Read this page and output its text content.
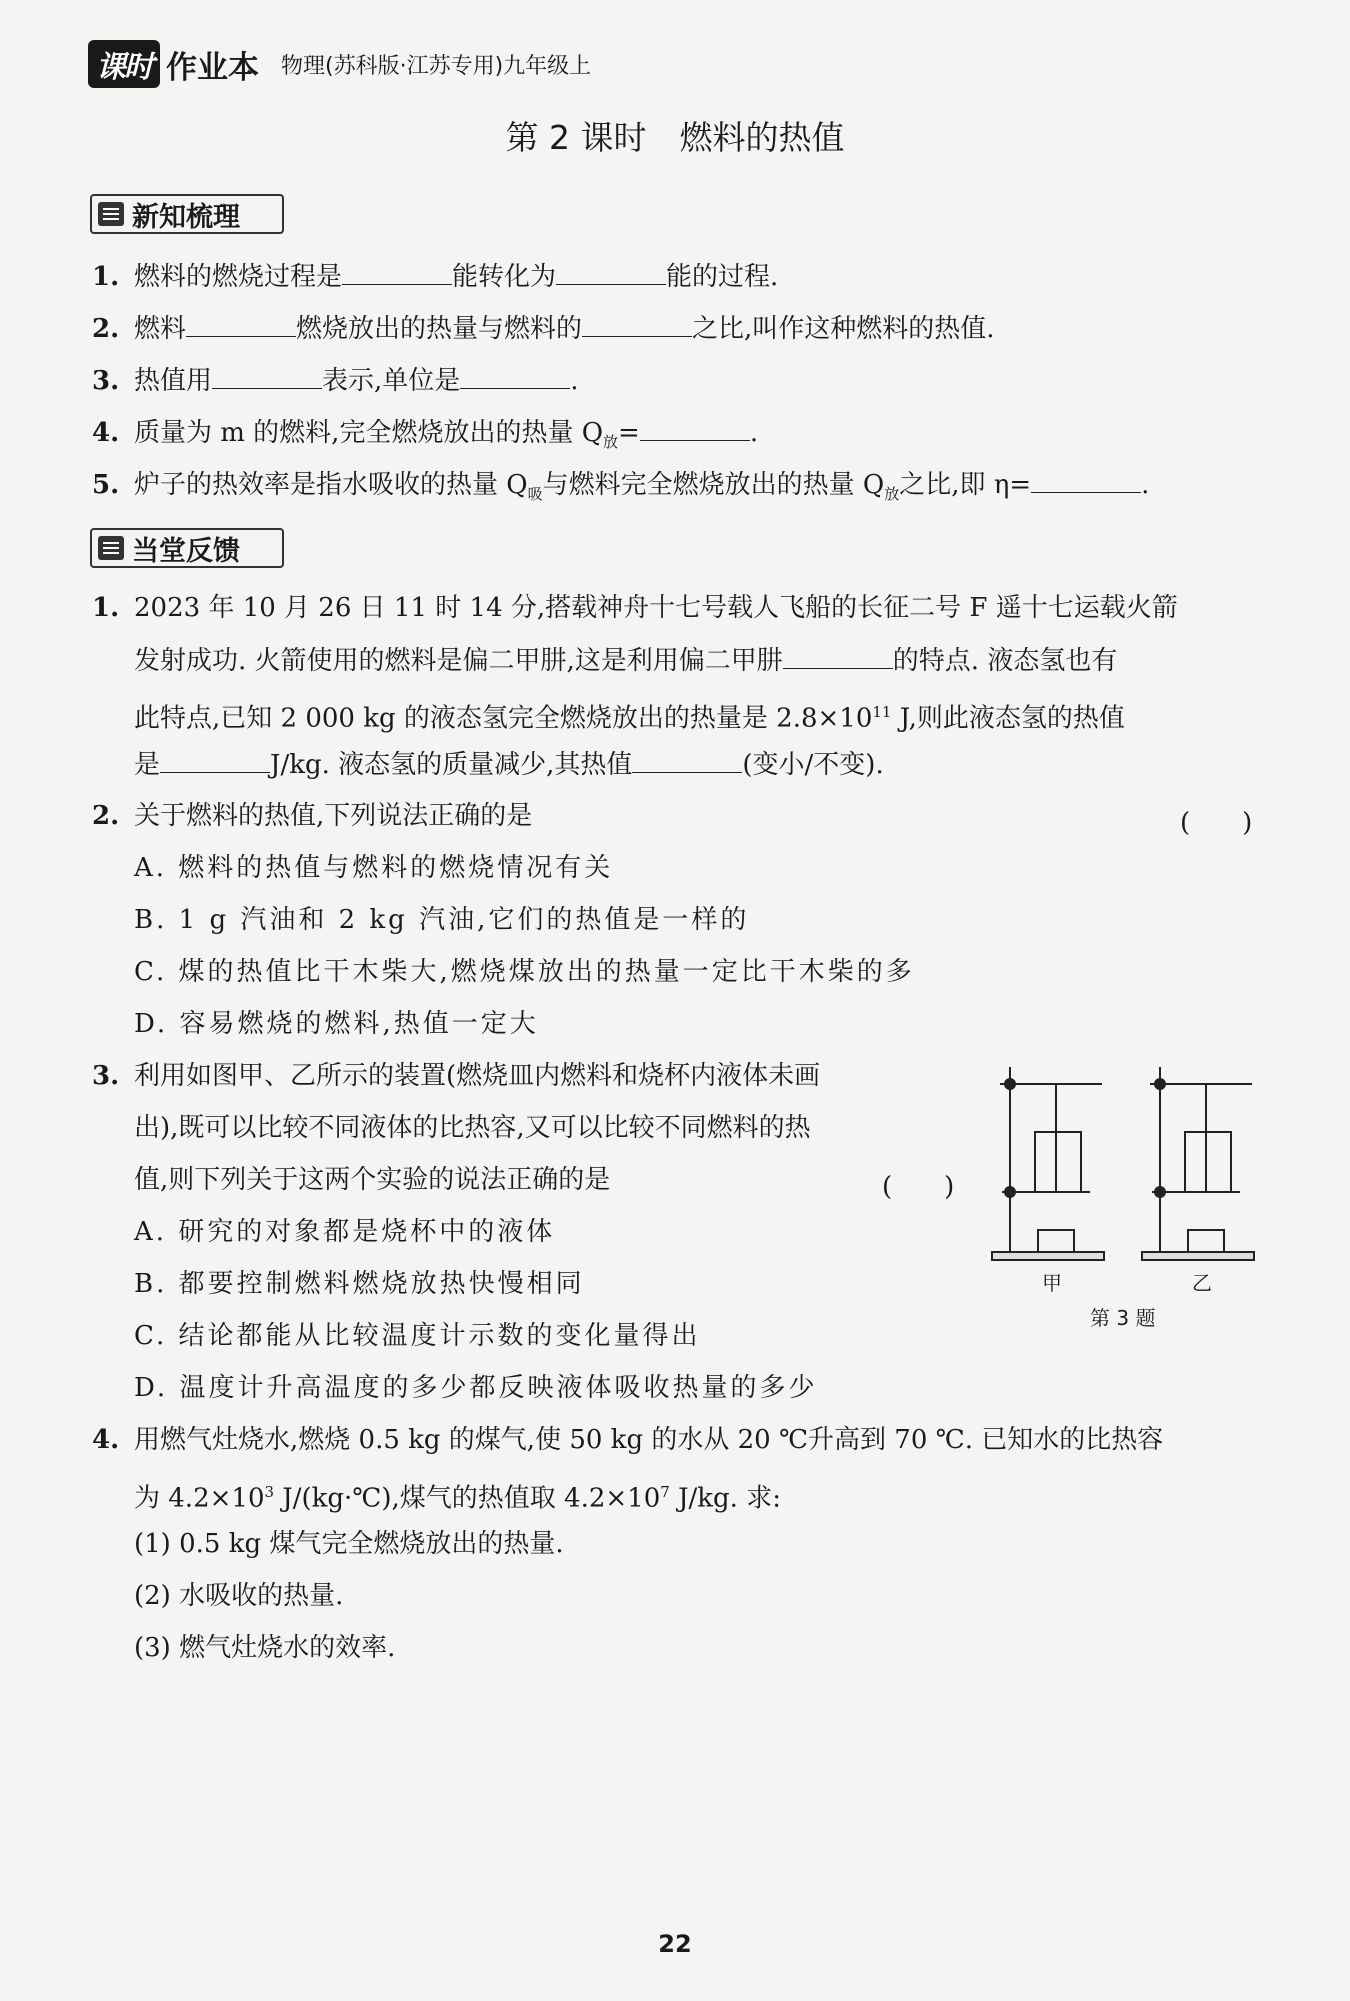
课时 作业本 物理(苏科版·江苏专用)九年级上
第 2 课时　燃料的热值
新知梳理
1. 燃料的燃烧过程是	能转化为	能的过程.
2. 燃料	燃烧放出的热量与燃料的	之比,叫作这种燃料的热值.
3. 热值用	表示,单位是	.
4. 质量为 m 的燃料,完全燃烧放出的热量 $Q_放=$	.
5. 炉子的热效率是指水吸收的热量 $Q_吸$与燃料完全燃烧放出的热量 $Q_放$之比,即 η=	.
当堂反馈
1. 2023 年 10 月 26 日 11 时 14 分,搭载神舟十七号载人飞船的长征二号 F 遥十七运载火箭
发射成功. 火箭使用的燃料是偏二甲肼,这是利用偏二甲肼	的特点. 液态氢也有
此特点,已知 2 000 kg 的液态氢完全燃烧放出的热量是 $2.8\times 10^{11}$ J,则此液态氢的热值
是	J/kg. 液态氢的质量减少,其热值	(变小/不变).
2. 关于燃料的热值,下列说法正确的是	(　　)
A. 燃料的热值与燃料的燃烧情况有关
B. 1 g 汽油和 2 kg 汽油,它们的热值是一样的
C. 煤的热值比干木柴大,燃烧煤放出的热量一定比干木柴的多
D. 容易燃烧的燃料,热值一定大
3. 利用如图甲、乙所示的装置(燃烧皿内燃料和烧杯内液体未画
出),既可以比较不同液体的比热容,又可以比较不同燃料的热
值,则下列关于这两个实验的说法正确的是	(　　)
A. 研究的对象都是烧杯中的液体
B. 都要控制燃料燃烧放热快慢相同
C. 结论都能从比较温度计示数的变化量得出
D. 温度计升高温度的多少都反映液体吸收热量的多少
甲	乙
第 3 题
4. 用燃气灶烧水,燃烧 0.5 kg 的煤气,使 50 kg 的水从 20 ℃升高到 70 ℃. 已知水的比热容
为 $4.2\times 10^3$ J/(kg·℃),煤气的热值取 $4.2\times 10^7$ J/kg. 求:
(1) 0.5 kg 煤气完全燃烧放出的热量.
(2) 水吸收的热量.
(3) 燃气灶烧水的效率.
22
